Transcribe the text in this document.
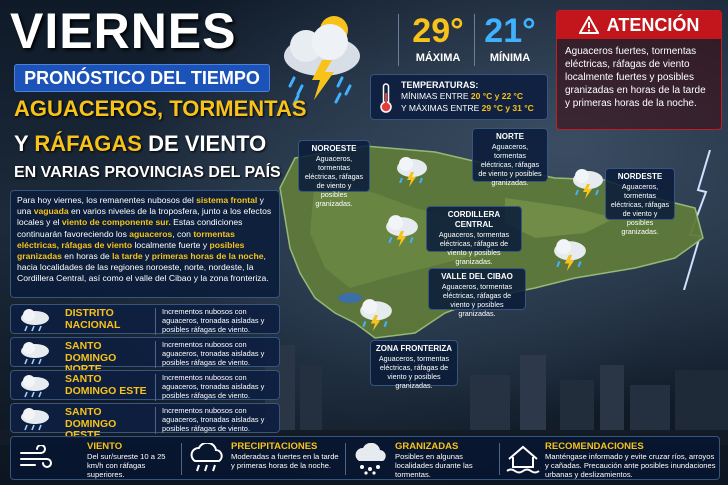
VIERNES
PRONÓSTICO DEL TIEMPO
AGUACEROS, TORMENTAS
Y RÁFAGAS DE VIENTO
EN VARIAS PROVINCIAS DEL PAÍS
29°
MÁXIMA
21°
MÍNIMA
ATENCIÓN
Aguaceros fuertes, tormentas eléctricas, ráfagas de viento localmente fuertes y posibles granizadas en horas de la tarde y primeras horas de la noche.
TEMPERATURAS:
MÍNIMAS ENTRE 20 °C y 22 °C
Y MÁXIMAS ENTRE 29 °C y 31 °C
Para hoy viernes, los remanentes nubosos del sistema frontal y una vaguada en varios niveles de la troposfera, junto a los efectos locales y el viento de componente sur. Estas condiciones continuarán favoreciendo los aguaceros, con tormentas eléctricas, ráfagas de viento localmente fuerte y posibles granizadas en horas de la tarde y primeras horas de la noche, hacia localidades de las regiones noroeste, norte, nordeste, la Cordillera Central, así como el valle del Cibao y la zona fronteriza.
NOROESTE
Aguaceros, tormentas eléctricas, ráfagas de viento y posibles granizadas.
NORTE
Aguaceros, tormentas eléctricas, ráfagas de viento y posibles granizadas.
NORDESTE
Aguaceros, tormentas eléctricas, ráfagas de viento y posibles granizadas.
CORDILLERA CENTRAL
Aguaceros, tormentas eléctricas, ráfagas de viento y posibles granizadas.
VALLE DEL CIBAO
Aguaceros, tormentas eléctricas, ráfagas de viento y posibles granizadas.
ZONA FRONTERIZA
Aguaceros, tormentas eléctricas, ráfagas de viento y posibles granizadas.
DISTRITO NACIONAL
Incrementos nubosos con aguaceros, tronadas aisladas y posibles ráfagas de viento.
SANTO DOMINGO
Incrementos nubosos con aguaceros, tronadas aisladas y posibles ráfagas de viento.
SANTO DOMINGO ESTE
Incrementos nubosos con aguaceros, tronadas aisladas y posibles ráfagas de viento.
SANTO DOMINGO
Incrementos nubosos con aguaceros, tronadas aisladas y posibles ráfagas de viento.
VIENTO
Del sur/sureste 10 a 25 km/h con ráfagas superiores.
PRECIPITACIONES
Moderadas a fuertes en la tarde y primeras horas de la noche.
GRANIZADAS
Posibles en algunas localidades durante las tormentas.
RECOMENDACIONES
Manténgase informado y evite cruzar ríos, arroyos y cañadas. Precaución ante posibles inundaciones urbanas y deslizamientos.
